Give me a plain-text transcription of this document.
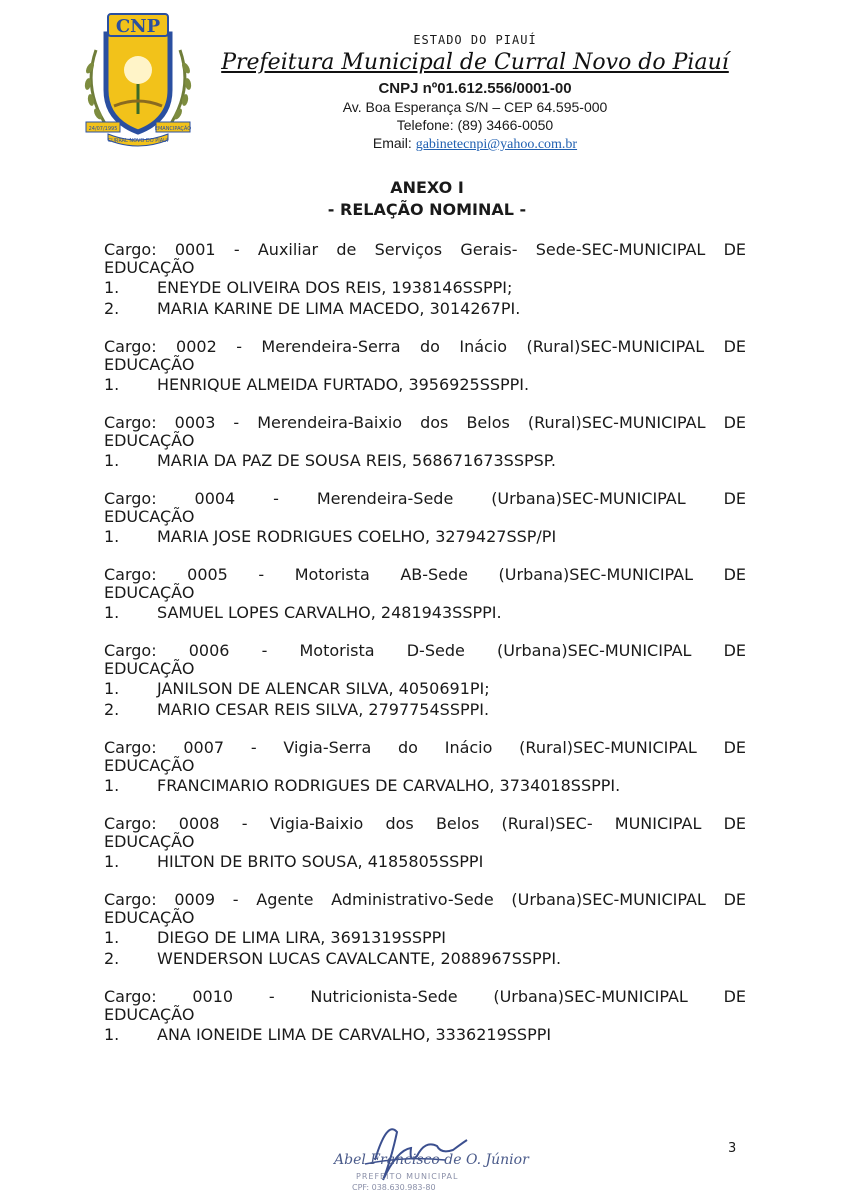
CNP
24/07/1995	EMANCIPAÇÃO
CURRAL NOVO DO PIAUÍ
ESTADO DO PIAUÍ
Prefeitura Municipal de Curral Novo do Piauí
CNPJ nº01.612.556/0001-00
Av. Boa Esperança S/N – CEP 64.595-000
Telefone: (89) 3466-0050
Email: gabinetecnpi@yahoo.com.br
ANEXO I
- RELAÇÃO NOMINAL -
Cargo: 0001 - Auxiliar de Serviços Gerais- Sede-SEC-MUNICIPAL DE
EDUCAÇÃO
1.	ENEYDE OLIVEIRA DOS REIS, 1938146SSPPI;
2.	MARIA KARINE DE LIMA MACEDO, 3014267PI.
Cargo: 0002 - Merendeira-Serra do Inácio (Rural)SEC-MUNICIPAL DE
EDUCAÇÃO
1.	HENRIQUE ALMEIDA FURTADO, 3956925SSPPI.
Cargo: 0003 - Merendeira-Baixio dos Belos (Rural)SEC-MUNICIPAL DE
EDUCAÇÃO
1.	MARIA DA PAZ DE SOUSA REIS, 568671673SSPSP.
Cargo: 0004 - Merendeira-Sede (Urbana)SEC-MUNICIPAL DE
EDUCAÇÃO
1.	MARIA JOSE RODRIGUES COELHO, 3279427SSP/PI
Cargo: 0005 - Motorista AB-Sede (Urbana)SEC-MUNICIPAL DE
EDUCAÇÃO
1.	SAMUEL LOPES CARVALHO, 2481943SSPPI.
Cargo: 0006 - Motorista D-Sede (Urbana)SEC-MUNICIPAL DE
EDUCAÇÃO
1.	JANILSON DE ALENCAR SILVA, 4050691PI;
2.	MARIO CESAR REIS SILVA, 2797754SSPPI.
Cargo: 0007 - Vigia-Serra do Inácio (Rural)SEC-MUNICIPAL DE
EDUCAÇÃO
1.	FRANCIMARIO RODRIGUES DE CARVALHO, 3734018SSPPI.
Cargo: 0008 - Vigia-Baixio dos Belos (Rural)SEC- MUNICIPAL DE
EDUCAÇÃO
1.	HILTON DE BRITO SOUSA, 4185805SSPPI
Cargo: 0009 - Agente Administrativo-Sede (Urbana)SEC-MUNICIPAL DE
EDUCAÇÃO
1.	DIEGO DE LIMA LIRA, 3691319SSPPI
2.	WENDERSON LUCAS CAVALCANTE, 2088967SSPPI.
Cargo: 0010 - Nutricionista-Sede (Urbana)SEC-MUNICIPAL DE
EDUCAÇÃO
1.	ANA IONEIDE LIMA DE CARVALHO, 3336219SSPPI
Abel Francisco de O. Júnior
PREFEITO MUNICIPAL
CPF: 038.630.983-80
3
